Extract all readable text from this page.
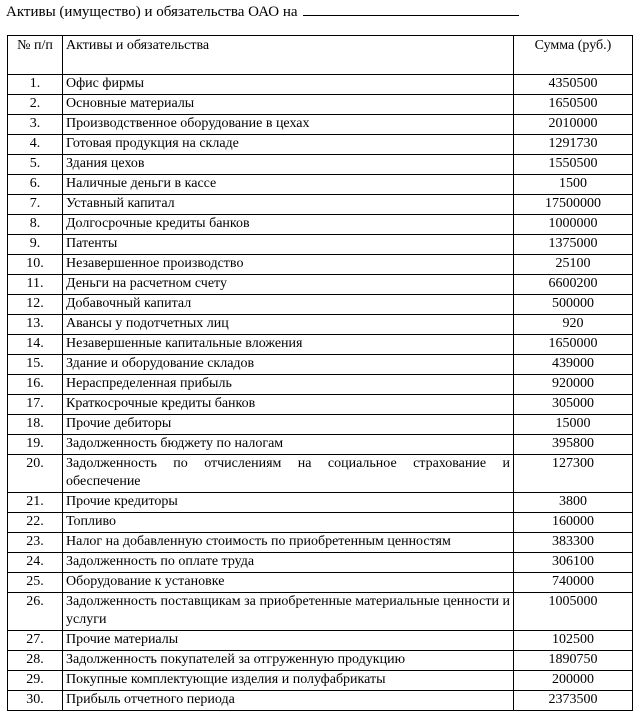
Активы (имущество) и обязательства ОАО на
№ п/п	Активы и обязательства	Сумма (руб.)
1.	Офис фирмы	4350500
2.	Основные материалы	1650500
3.	Производственное оборудование в цехах	2010000
4.	Готовая продукция на складе	1291730
5.	Здания цехов	1550500
6.	Наличные деньги в кассе	1500
7.	Уставный капитал	17500000
8.	Долгосрочные кредиты банков	1000000
9.	Патенты	1375000
10.	Незавершенное производство	25100
11.	Деньги на расчетном счету	6600200
12.	Добавочный капитал	500000
13.	Авансы у подотчетных лиц	920
14.	Незавершенные капитальные вложения	1650000
15.	Здание и оборудование складов	439000
16.	Нераспределенная прибыль	920000
17.	Краткосрочные кредиты банков	305000
18.	Прочие дебиторы	15000
19.	Задолженность бюджету по налогам	395800
20.	Задолженность по отчислениям на социальное страхование и обеспечение	127300
21.	Прочие кредиторы	3800
22.	Топливо	160000
23.	Налог на добавленную стоимость по приобретенным ценностям	383300
24.	Задолженность по оплате труда	306100
25.	Оборудование к установке	740000
26.	Задолженность поставщикам за приобретенные материальные ценности и услуги	1005000
27.	Прочие материалы	102500
28.	Задолженность покупателей за отгруженную продукцию	1890750
29.	Покупные комплектующие изделия и полуфабрикаты	200000
30.	Прибыль отчетного периода	2373500
